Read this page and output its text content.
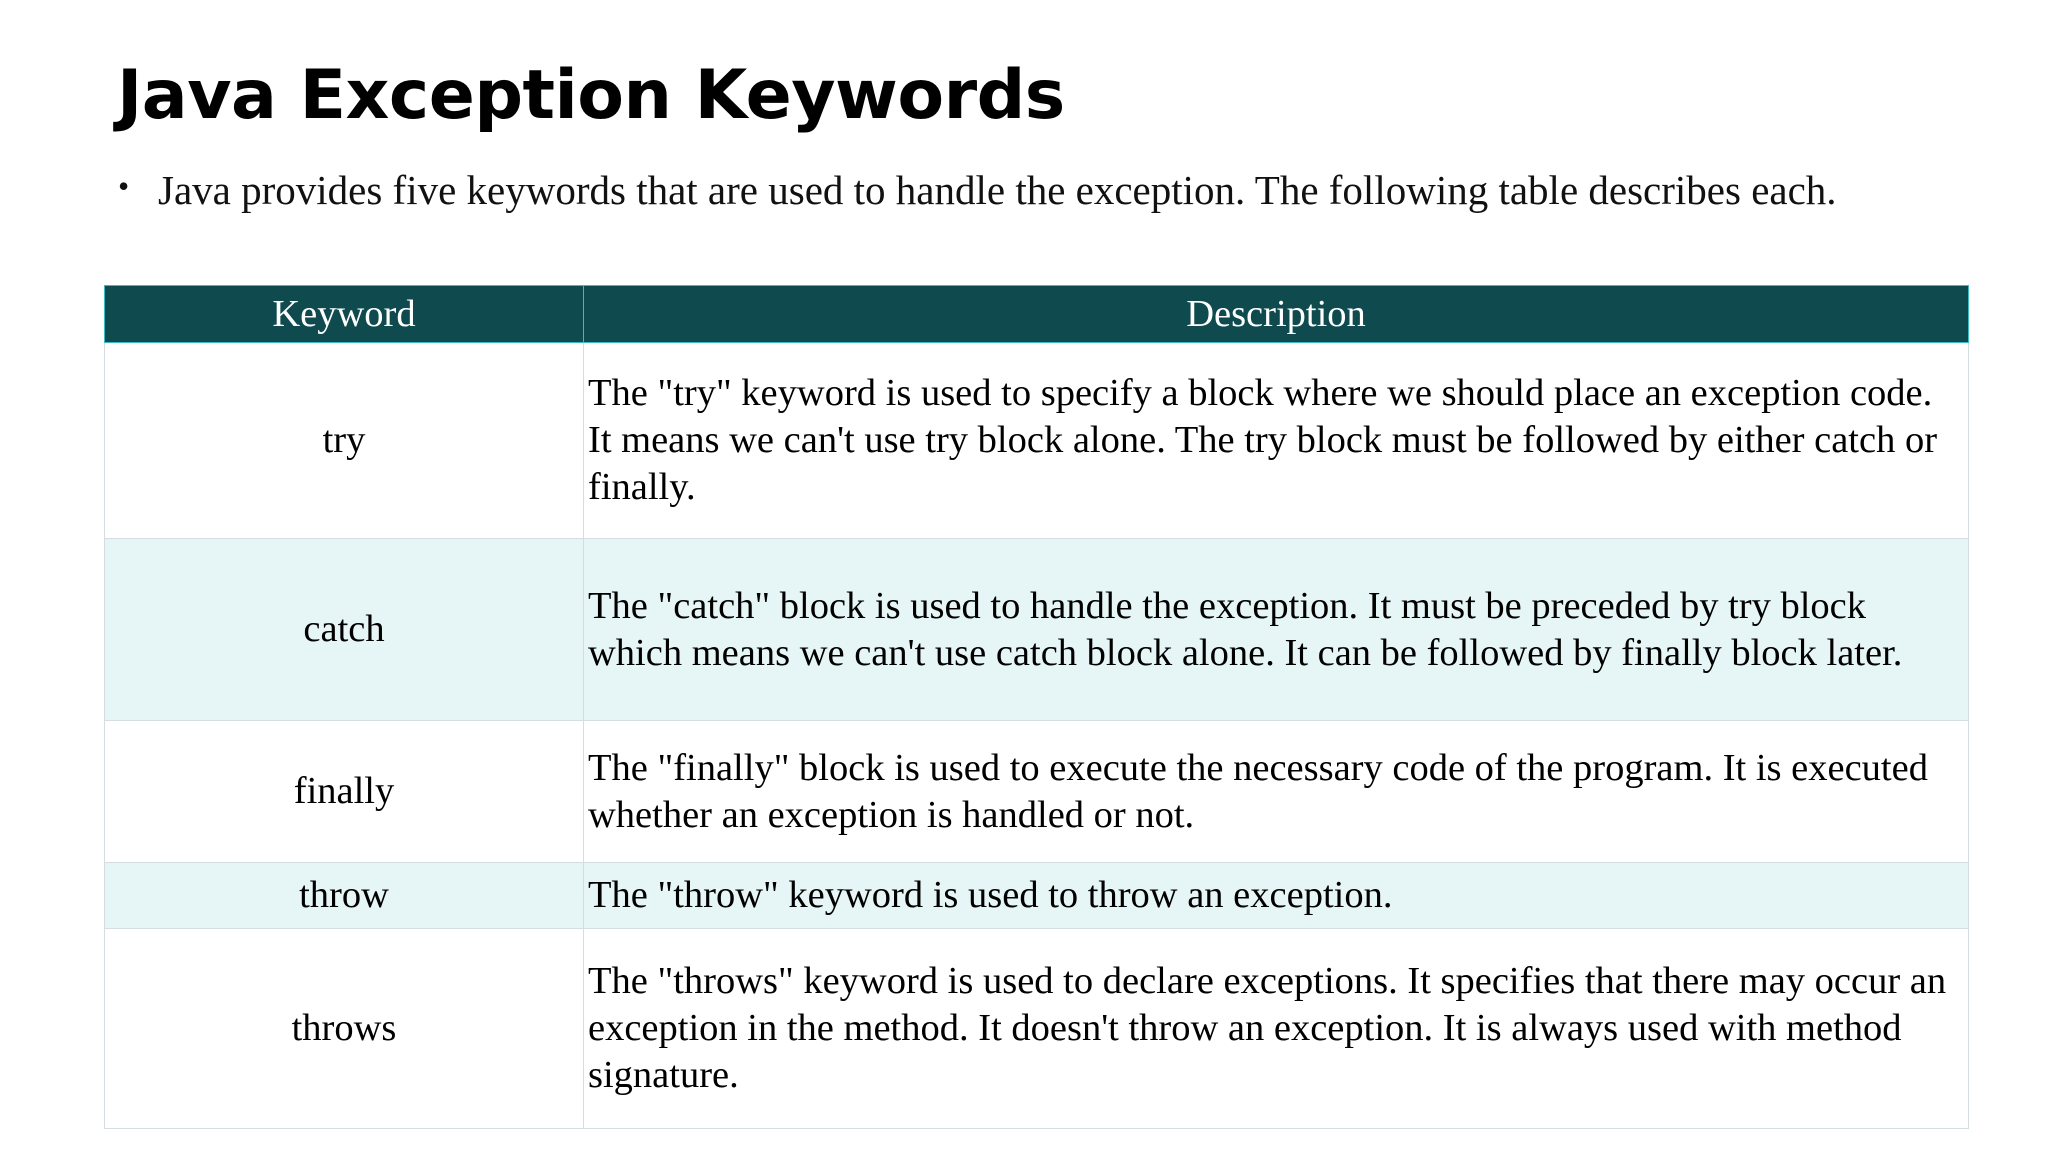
Java Exception Keywords
• Java provides five keywords that are used to handle the exception. The following table describes each.
Keyword	Description
try	The "try" keyword is used to specify a block where we should place an exception code. It means we can't use try block alone. The try block must be followed by either catch or finally.
catch	The "catch" block is used to handle the exception. It must be preceded by try block which means we can't use catch block alone. It can be followed by finally block later.
finally	The "finally" block is used to execute the necessary code of the program. It is executed whether an exception is handled or not.
throw	The "throw" keyword is used to throw an exception.
throws	The "throws" keyword is used to declare exceptions. It specifies that there may occur an exception in the method. It doesn't throw an exception. It is always used with method signature.
